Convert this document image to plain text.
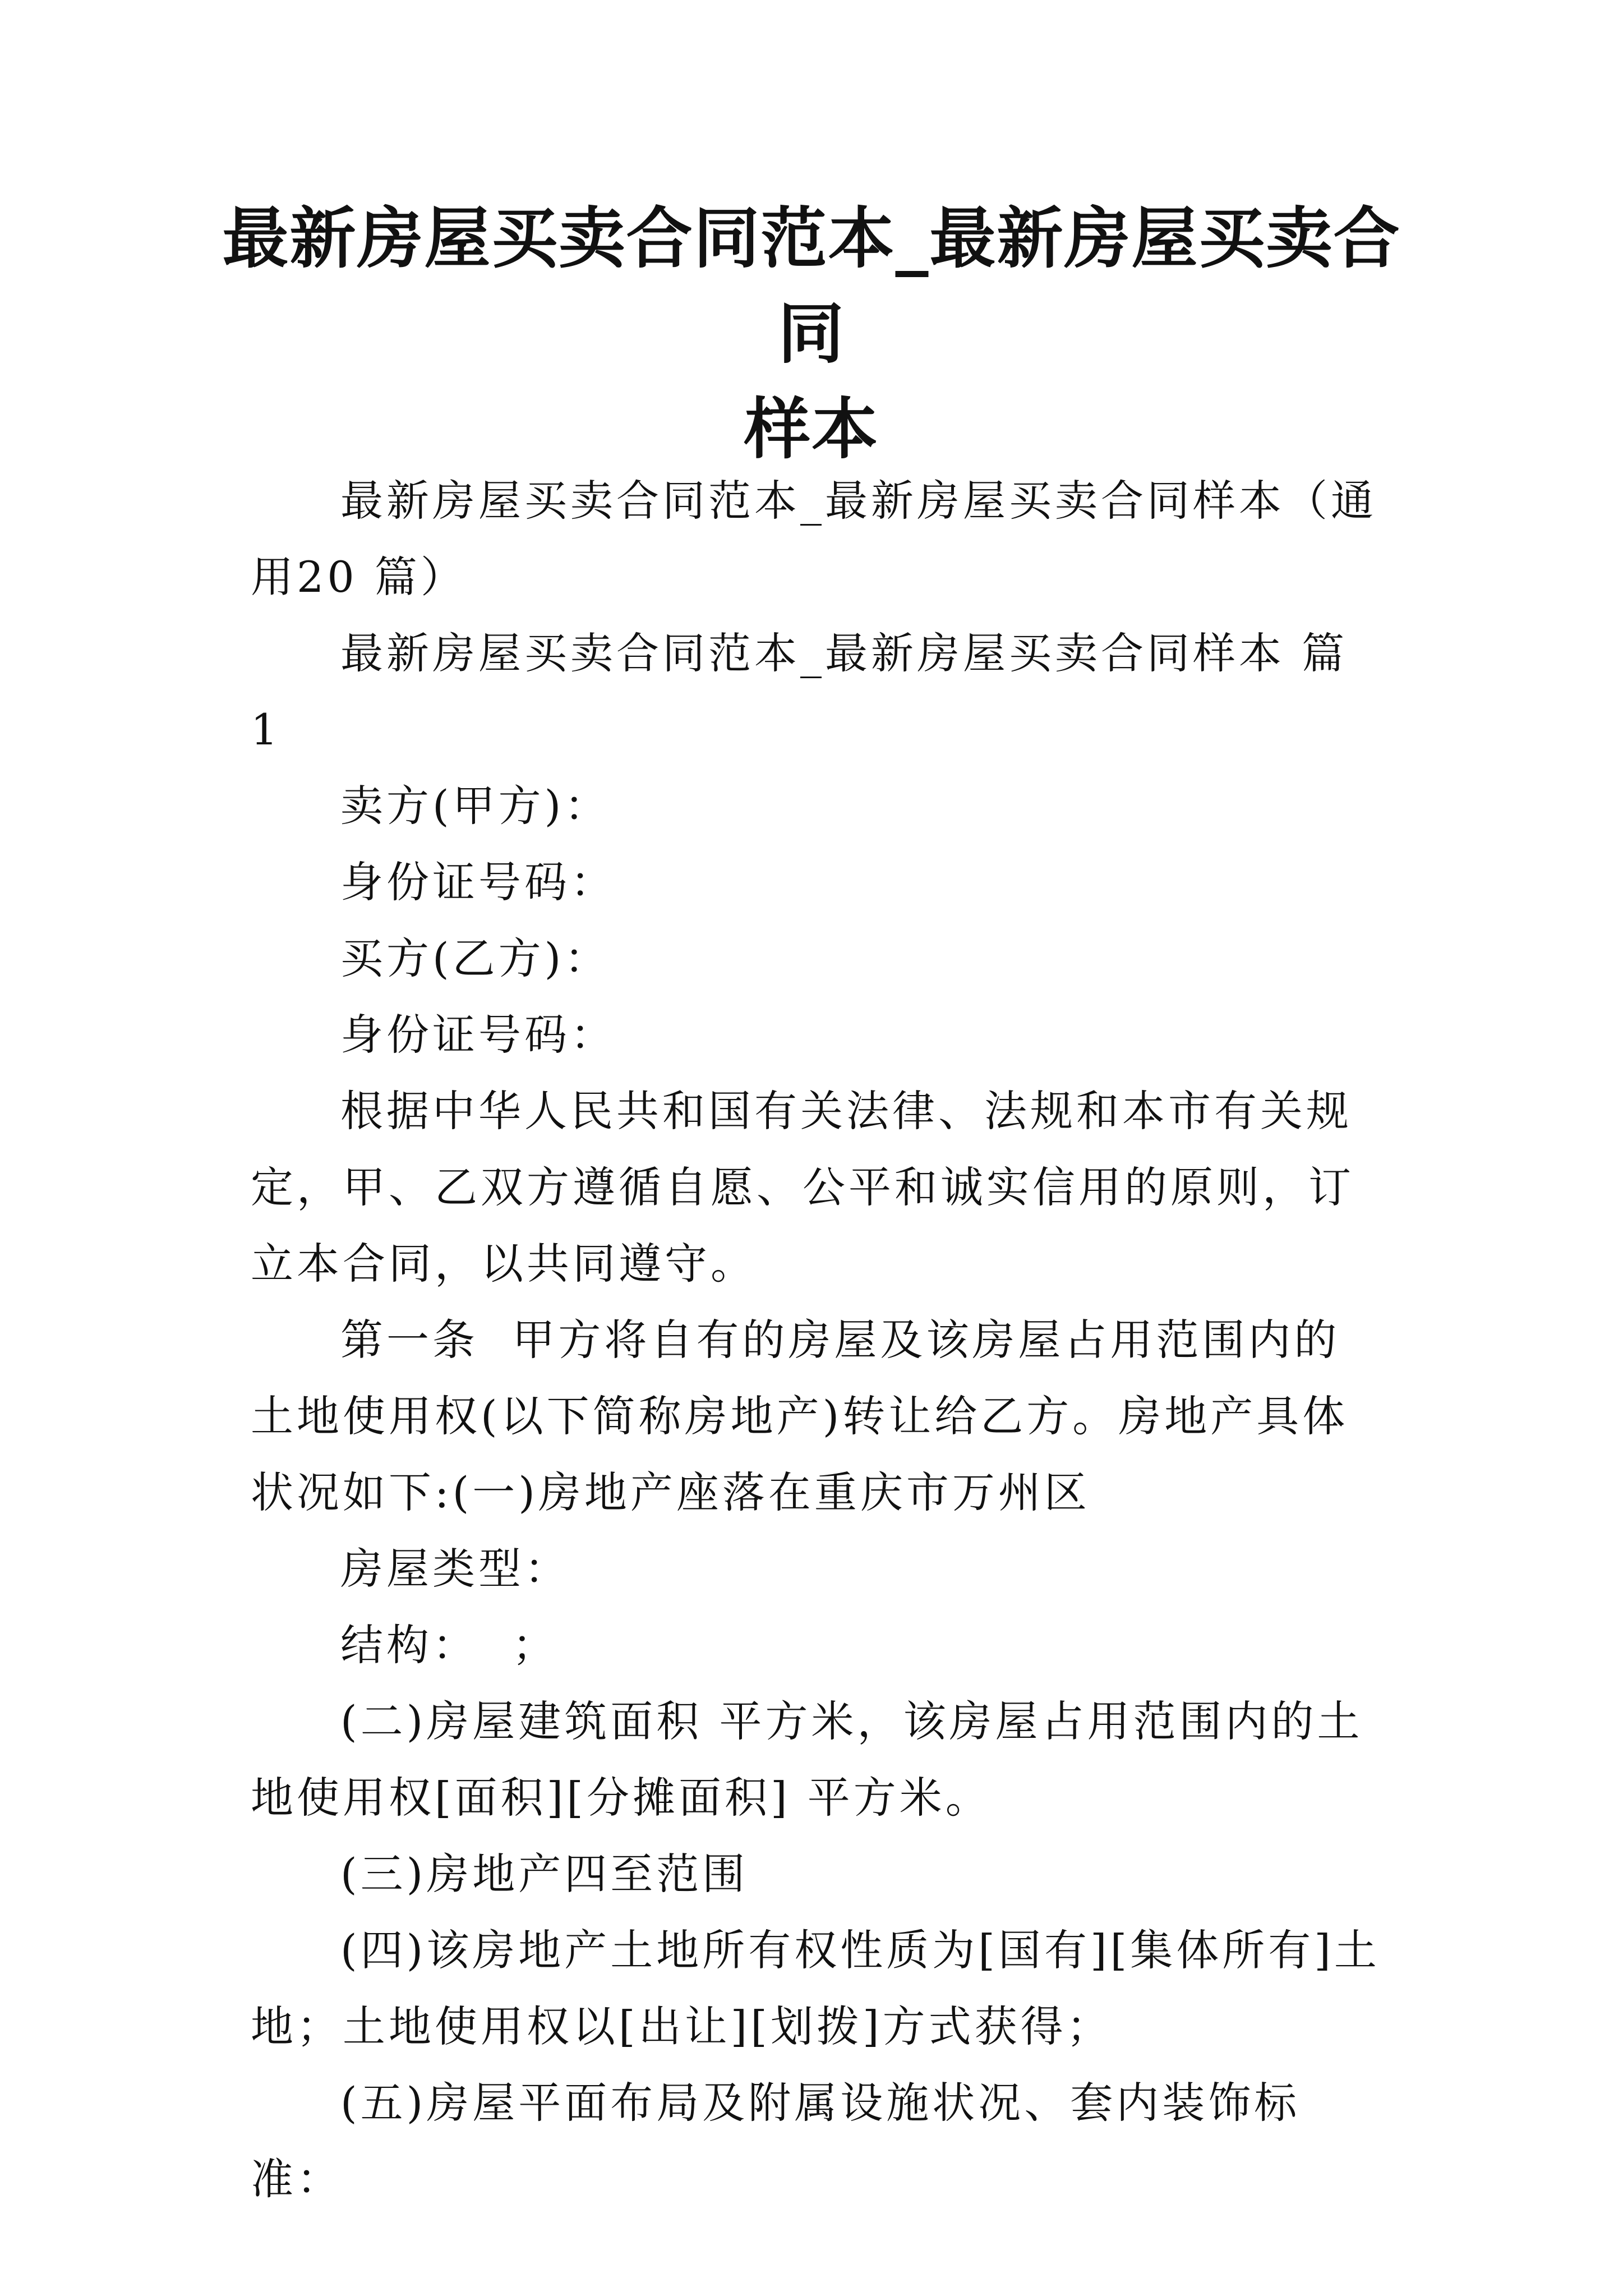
最新房屋买卖合同范本_最新房屋买卖合同
样本

最新房屋买卖合同范本_最新房屋买卖合同样本（通用20 篇）

最新房屋买卖合同范本_最新房屋买卖合同样本 篇 1

卖方(甲方)：

身份证号码：

买方(乙方)：

身份证号码：

根据中华人民共和国有关法律、法规和本市有关规定，甲、乙双方遵循自愿、公平和诚实信用的原则，订立本合同，以共同遵守。

第一条  甲方将自有的房屋及该房屋占用范围内的土地使用权(以下简称房地产)转让给乙方。房地产具体状况如下:(一)房地产座落在重庆市万州区

房屋类型：

结构：  ；

(二)房屋建筑面积 平方米，该房屋占用范围内的土地使用权[面积][分摊面积] 平方米。

(三)房地产四至范围

(四)该房地产土地所有权性质为[国有][集体所有]土地；土地使用权以[出让][划拨]方式获得；

(五)房屋平面布局及附属设施状况、套内装饰标准：
